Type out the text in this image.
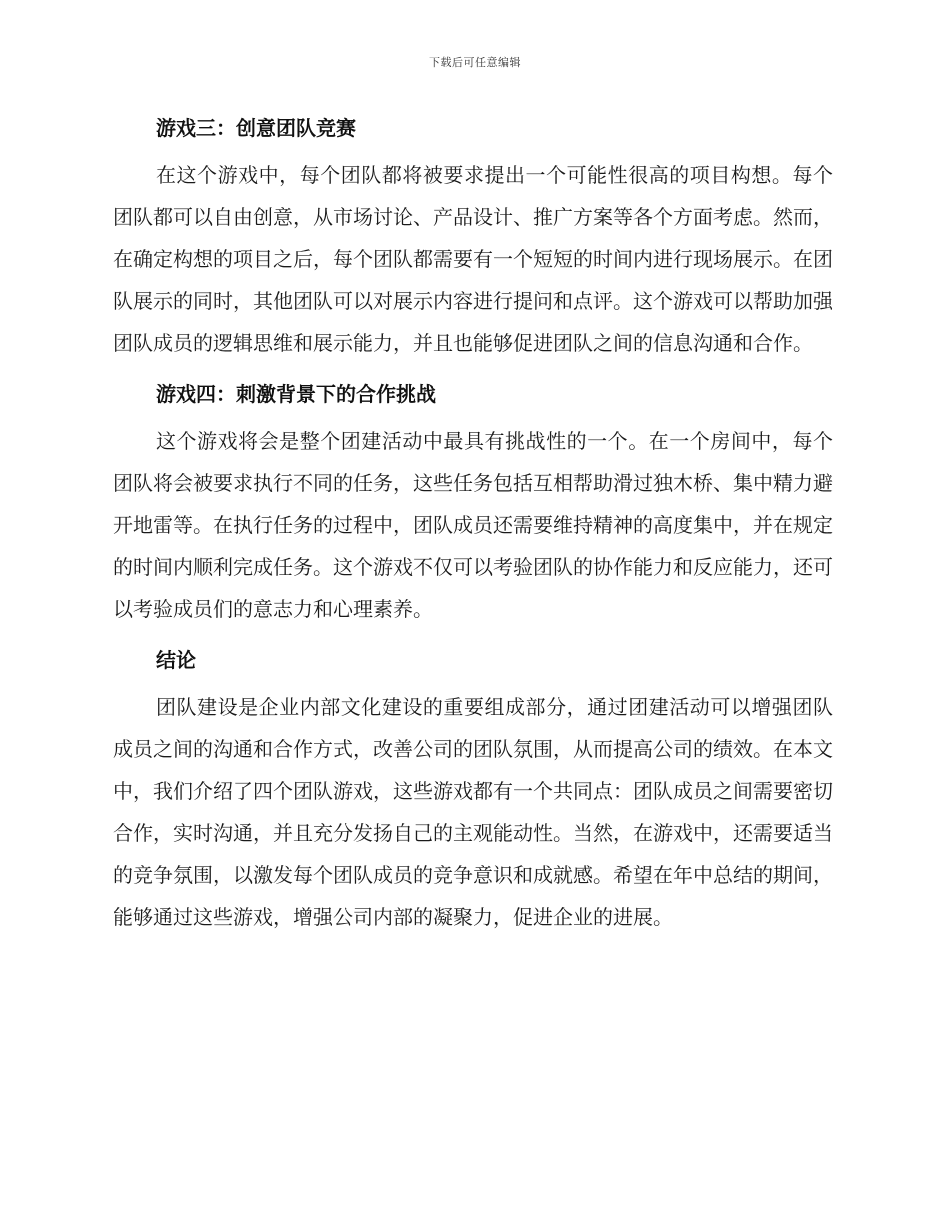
下载后可任意编辑
游戏三：创意团队竞赛

在这个游戏中，每个团队都将被要求提出一个可能性很高的项目构想。每个团队都可以自由创意，从市场讨论、产品设计、推广方案等各个方面考虑。然而，在确定构想的项目之后，每个团队都需要有一个短短的时间内进行现场展示。在团队展示的同时，其他团队可以对展示内容进行提问和点评。这个游戏可以帮助加强团队成员的逻辑思维和展示能力，并且也能够促进团队之间的信息沟通和合作。

游戏四：刺激背景下的合作挑战

这个游戏将会是整个团建活动中最具有挑战性的一个。在一个房间中，每个团队将会被要求执行不同的任务，这些任务包括互相帮助滑过独木桥、集中精力避开地雷等。在执行任务的过程中，团队成员还需要维持精神的高度集中，并在规定的时间内顺利完成任务。这个游戏不仅可以考验团队的协作能力和反应能力，还可以考验成员们的意志力和心理素养。

结论

团队建设是企业内部文化建设的重要组成部分，通过团建活动可以增强团队成员之间的沟通和合作方式，改善公司的团队氛围，从而提高公司的绩效。在本文中，我们介绍了四个团队游戏，这些游戏都有一个共同点：团队成员之间需要密切合作，实时沟通，并且充分发扬自己的主观能动性。当然，在游戏中，还需要适当的竞争氛围，以激发每个团队成员的竞争意识和成就感。希望在年中总结的期间，能够通过这些游戏，增强公司内部的凝聚力，促进企业的进展。
